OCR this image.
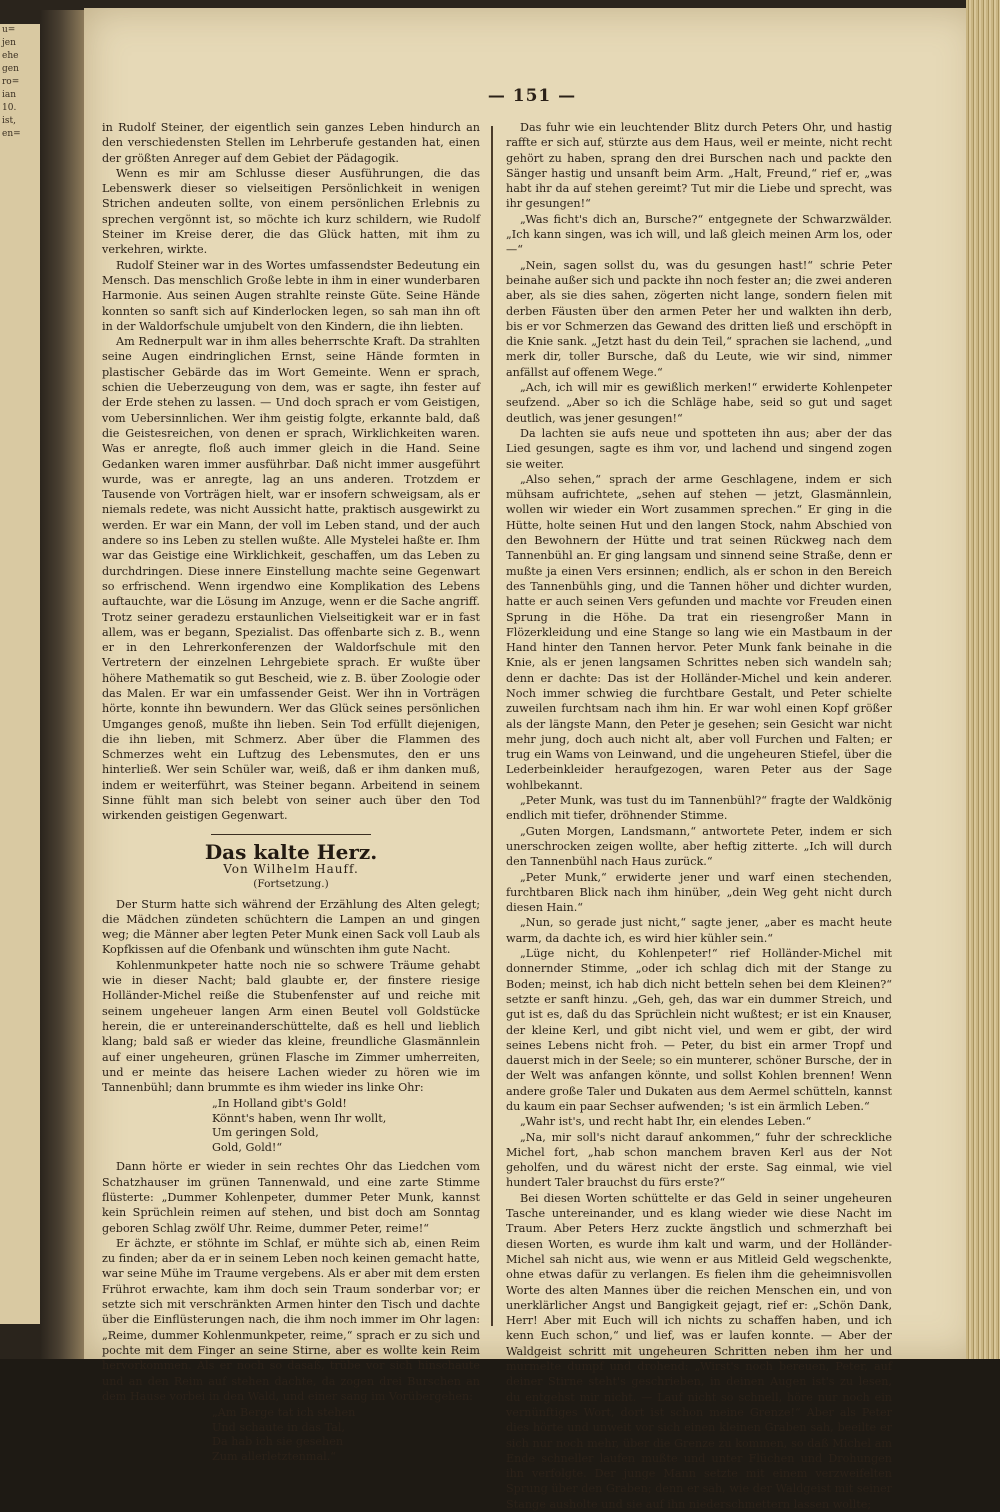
u=
jen
ehe
gen
ro=
ian
10.
ist,
en=
— 151 —

in Rudolf Steiner, der eigentlich sein ganzes Leben hindurch an den verschiedensten Stellen im Lehrberufe gestanden hat, einen der größten Anreger auf dem Gebiet der Pädagogik.

Wenn es mir am Schlusse dieser Ausführungen, die das Lebenswerk dieser so vielseitigen Persönlichkeit in wenigen Strichen andeuten sollte, von einem persönlichen Erlebnis zu sprechen vergönnt ist, so möchte ich kurz schildern, wie Rudolf Steiner im Kreise derer, die das Glück hatten, mit ihm zu verkehren, wirkte.

Rudolf Steiner war in des Wortes umfassendster Bedeutung ein Mensch. Das menschlich Große lebte in ihm in einer wunderbaren Harmonie. Aus seinen Augen strahlte reinste Güte. Seine Hände konnten so sanft sich auf Kinderlocken legen, so sah man ihn oft in der Waldorfschule umjubelt von den Kindern, die ihn liebten.

Am Rednerpult war in ihm alles beherrschte Kraft. Da strahlten seine Augen eindringlichen Ernst, seine Hände formten in plastischer Gebärde das im Wort Gemeinte. Wenn er sprach, schien die Ueberzeugung von dem, was er sagte, ihn fester auf der Erde stehen zu lassen. — Und doch sprach er vom Geistigen, vom Uebersinnlichen. Wer ihm geistig folgte, erkannte bald, daß die Geistesreichen, von denen er sprach, Wirklichkeiten waren. Was er anregte, floß auch immer gleich in die Hand. Seine Gedanken waren immer ausführbar. Daß nicht immer ausgeführt wurde, was er anregte, lag an uns anderen. Trotzdem er Tausende von Vorträgen hielt, war er insofern schweigsam, als er niemals redete, was nicht Aussicht hatte, praktisch ausgewirkt zu werden. Er war ein Mann, der voll im Leben stand, und der auch andere so ins Leben zu stellen wußte. Alle Mystelei haßte er. Ihm war das Geistige eine Wirklichkeit, geschaffen, um das Leben zu durchdringen. Diese innere Einstellung machte seine Gegenwart so erfrischend. Wenn irgendwo eine Komplikation des Lebens auftauchte, war die Lösung im Anzuge, wenn er die Sache angriff. Trotz seiner geradezu erstaunlichen Vielseitigkeit war er in fast allem, was er begann, Spezialist. Das offenbarte sich z. B., wenn er in den Lehrerkonferenzen der Waldorfschule mit den Vertretern der einzelnen Lehrgebiete sprach. Er wußte über höhere Mathematik so gut Bescheid, wie z. B. über Zoologie oder das Malen. Er war ein umfassender Geist. Wer ihn in Vorträgen hörte, konnte ihn bewundern. Wer das Glück seines persönlichen Umganges genoß, mußte ihn lieben. Sein Tod erfüllt diejenigen, die ihn lieben, mit Schmerz. Aber über die Flammen des Schmerzes weht ein Luftzug des Lebensmutes, den er uns hinterließ. Wer sein Schüler war, weiß, daß er ihm danken muß, indem er weiterführt, was Steiner begann. Arbeitend in seinem Sinne fühlt man sich belebt von seiner auch über den Tod wirkenden geistigen Gegenwart.

Das kalte Herz.
Von Wilhelm Hauff.
(Fortsetzung.)

Der Sturm hatte sich während der Erzählung des Alten gelegt; die Mädchen zündeten schüchtern die Lampen an und gingen weg; die Männer aber legten Peter Munk einen Sack voll Laub als Kopfkissen auf die Ofenbank und wünschten ihm gute Nacht.

Kohlenmunkpeter hatte noch nie so schwere Träume gehabt wie in dieser Nacht; bald glaubte er, der finstere riesige Holländer-Michel reiße die Stubenfenster auf und reiche mit seinem ungeheuer langen Arm einen Beutel voll Goldstücke herein, die er untereinanderschüttelte, daß es hell und lieblich klang; bald saß er wieder das kleine, freundliche Glasmännlein auf einer ungeheuren, grünen Flasche im Zimmer umherreiten, und er meinte das heisere Lachen wieder zu hören wie im Tannenbühl; dann brummte es ihm wieder ins linke Ohr:

„In Holland gibt's Gold!
Könnt's haben, wenn Ihr wollt,
Um geringen Sold,
Gold, Gold!“

Dann hörte er wieder in sein rechtes Ohr das Liedchen vom Schatzhauser im grünen Tannenwald, und eine zarte Stimme flüsterte: „Dummer Kohlenpeter, dummer Peter Munk, kannst kein Sprüchlein reimen auf stehen, und bist doch am Sonntag geboren Schlag zwölf Uhr. Reime, dummer Peter, reime!“

Er ächzte, er stöhnte im Schlaf, er mühte sich ab, einen Reim zu finden; aber da er in seinem Leben noch keinen gemacht hatte, war seine Mühe im Traume vergebens. Als er aber mit dem ersten Frührot erwachte, kam ihm doch sein Traum sonderbar vor; er setzte sich mit verschränkten Armen hinter den Tisch und dachte über die Einflüsterungen nach, die ihm noch immer im Ohr lagen: „Reime, dummer Kohlenmunkpeter, reime,“ sprach er zu sich und pochte mit dem Finger an seine Stirne, aber es wollte kein Reim hervorkommen. Als er noch so dasaß, trübe vor sich hinschaute und an den Reim auf stehen dachte, da zogen drei Burschen an dem Hause vorbei in den Wald, und einer sang im Vorübergehen:

„Am Berge tat ich stehen
Und schaute in das Tal,
Da hab ich sie gesehen
Zum allerletztenmal.“

Das fuhr wie ein leuchtender Blitz durch Peters Ohr, und hastig raffte er sich auf, stürzte aus dem Haus, weil er meinte, nicht recht gehört zu haben, sprang den drei Burschen nach und packte den Sänger hastig und unsanft beim Arm. „Halt, Freund,“ rief er, „was habt ihr da auf stehen gereimt? Tut mir die Liebe und sprecht, was ihr gesungen!“

„Was ficht's dich an, Bursche?“ entgegnete der Schwarzwälder. „Ich kann singen, was ich will, und laß gleich meinen Arm los, oder —“

„Nein, sagen sollst du, was du gesungen hast!“ schrie Peter beinahe außer sich und packte ihn noch fester an; die zwei anderen aber, als sie dies sahen, zögerten nicht lange, sondern fielen mit derben Fäusten über den armen Peter her und walkten ihn derb, bis er vor Schmerzen das Gewand des dritten ließ und erschöpft in die Knie sank. „Jetzt hast du dein Teil,“ sprachen sie lachend, „und merk dir, toller Bursche, daß du Leute, wie wir sind, nimmer anfällst auf offenem Wege.“

„Ach, ich will mir es gewißlich merken!“ erwiderte Kohlenpeter seufzend. „Aber so ich die Schläge habe, seid so gut und saget deutlich, was jener gesungen!“

Da lachten sie aufs neue und spotteten ihn aus; aber der das Lied gesungen, sagte es ihm vor, und lachend und singend zogen sie weiter.

„Also sehen,“ sprach der arme Geschlagene, indem er sich mühsam aufrichtete, „sehen auf stehen — jetzt, Glasmännlein, wollen wir wieder ein Wort zusammen sprechen.“ Er ging in die Hütte, holte seinen Hut und den langen Stock, nahm Abschied von den Bewohnern der Hütte und trat seinen Rückweg nach dem Tannenbühl an. Er ging langsam und sinnend seine Straße, denn er mußte ja einen Vers ersinnen; endlich, als er schon in den Bereich des Tannenbühls ging, und die Tannen höher und dichter wurden, hatte er auch seinen Vers gefunden und machte vor Freuden einen Sprung in die Höhe. Da trat ein riesengroßer Mann in Flözerkleidung und eine Stange so lang wie ein Mastbaum in der Hand hinter den Tannen hervor. Peter Munk fank beinahe in die Knie, als er jenen langsamen Schrittes neben sich wandeln sah; denn er dachte: Das ist der Holländer-Michel und kein anderer. Noch immer schwieg die furchtbare Gestalt, und Peter schielte zuweilen furchtsam nach ihm hin. Er war wohl einen Kopf größer als der längste Mann, den Peter je gesehen; sein Gesicht war nicht mehr jung, doch auch nicht alt, aber voll Furchen und Falten; er trug ein Wams von Leinwand, und die ungeheuren Stiefel, über die Lederbeinkleider heraufgezogen, waren Peter aus der Sage wohlbekannt.

„Peter Munk, was tust du im Tannenbühl?“ fragte der Waldkönig endlich mit tiefer, dröhnender Stimme.

„Guten Morgen, Landsmann,“ antwortete Peter, indem er sich unerschrocken zeigen wollte, aber heftig zitterte. „Ich will durch den Tannenbühl nach Haus zurück.“

„Peter Munk,“ erwiderte jener und warf einen stechenden, furchtbaren Blick nach ihm hinüber, „dein Weg geht nicht durch diesen Hain.“

„Nun, so gerade just nicht,“ sagte jener, „aber es macht heute warm, da dachte ich, es wird hier kühler sein.“

„Lüge nicht, du Kohlenpeter!“ rief Holländer-Michel mit donnernder Stimme, „oder ich schlag dich mit der Stange zu Boden; meinst, ich hab dich nicht betteln sehen bei dem Kleinen?“ setzte er sanft hinzu. „Geh, geh, das war ein dummer Streich, und gut ist es, daß du das Sprüchlein nicht wußtest; er ist ein Knauser, der kleine Kerl, und gibt nicht viel, und wem er gibt, der wird seines Lebens nicht froh. — Peter, du bist ein armer Tropf und dauerst mich in der Seele; so ein munterer, schöner Bursche, der in der Welt was anfangen könnte, und sollst Kohlen brennen! Wenn andere große Taler und Dukaten aus dem Aermel schütteln, kannst du kaum ein paar Sechser aufwenden; 's ist ein ärmlich Leben.“

„Wahr ist's, und recht habt Ihr, ein elendes Leben.“

„Na, mir soll's nicht darauf ankommen,“ fuhr der schreckliche Michel fort, „hab schon manchem braven Kerl aus der Not geholfen, und du wärest nicht der erste. Sag einmal, wie viel hundert Taler brauchst du fürs erste?“

Bei diesen Worten schüttelte er das Geld in seiner ungeheuren Tasche untereinander, und es klang wieder wie diese Nacht im Traum. Aber Peters Herz zuckte ängstlich und schmerzhaft bei diesen Worten, es wurde ihm kalt und warm, und der Holländer-Michel sah nicht aus, wie wenn er aus Mitleid Geld wegschenkte, ohne etwas dafür zu verlangen. Es fielen ihm die geheimnisvollen Worte des alten Mannes über die reichen Menschen ein, und von unerklärlicher Angst und Bangigkeit gejagt, rief er: „Schön Dank, Herr! Aber mit Euch will ich nichts zu schaffen haben, und ich kenn Euch schon,“ und lief, was er laufen konnte. — Aber der Waldgeist schritt mit ungeheuren Schritten neben ihm her und murmelte dumpf und drohend: „Wirst's noch bereuen, Peter, auf deiner Stirne steht's geschrieben, in deinen Augen ist's zu lesen, du entgehst mir nicht. — Lauf nicht so schnell, höre nur noch ein vernünftiges Wort, dort ist schon meine Grenze!“ Aber als Peter dies hörte und unweit vor sich einen kleinen Graben sah, beeilte er sich nur noch mehr, über die Grenze zu kommen, so daß Michel am Ende schneller laufen mußte und unter Flüchen und Drohungen ihn verfolgte. Der junge Mann setzte mit einem verzweifelten Sprung über den Graben; denn er sah, wie der Waldgeist mit seiner Stange ausholte und sie auf ihn niederschmettern lassen wollte;
